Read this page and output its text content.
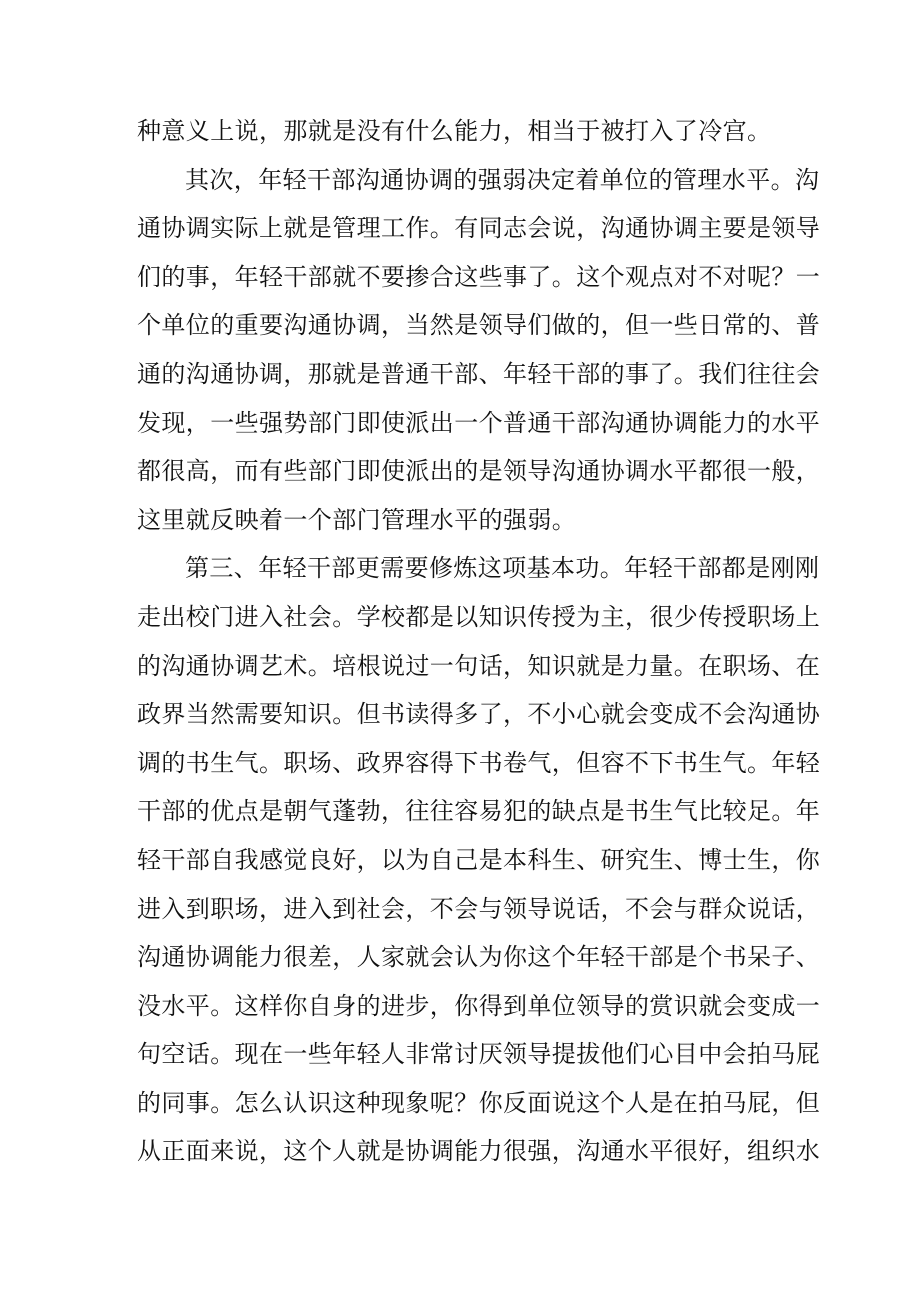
种意义上说，那就是没有什么能力，相当于被打入了冷宫。
其次，年轻干部沟通协调的强弱决定着单位的管理水平。沟
通协调实际上就是管理工作。有同志会说，沟通协调主要是领导
们的事，年轻干部就不要掺合这些事了。这个观点对不对呢？一
个单位的重要沟通协调，当然是领导们做的，但一些日常的、普
通的沟通协调，那就是普通干部、年轻干部的事了。我们往往会
发现，一些强势部门即使派出一个普通干部沟通协调能力的水平
都很高，而有些部门即使派出的是领导沟通协调水平都很一般，
这里就反映着一个部门管理水平的强弱。
第三、年轻干部更需要修炼这项基本功。年轻干部都是刚刚
走出校门进入社会。学校都是以知识传授为主，很少传授职场上
的沟通协调艺术。培根说过一句话，知识就是力量。在职场、在
政界当然需要知识。但书读得多了，不小心就会变成不会沟通协
调的书生气。职场、政界容得下书卷气，但容不下书生气。年轻
干部的优点是朝气蓬勃，往往容易犯的缺点是书生气比较足。年
轻干部自我感觉良好，以为自己是本科生、研究生、博士生，你
进入到职场，进入到社会，不会与领导说话，不会与群众说话，
沟通协调能力很差，人家就会认为你这个年轻干部是个书呆子、
没水平。这样你自身的进步，你得到单位领导的赏识就会变成一
句空话。现在一些年轻人非常讨厌领导提拔他们心目中会拍马屁
的同事。怎么认识这种现象呢？你反面说这个人是在拍马屁，但
从正面来说，这个人就是协调能力很强，沟通水平很好，组织水
